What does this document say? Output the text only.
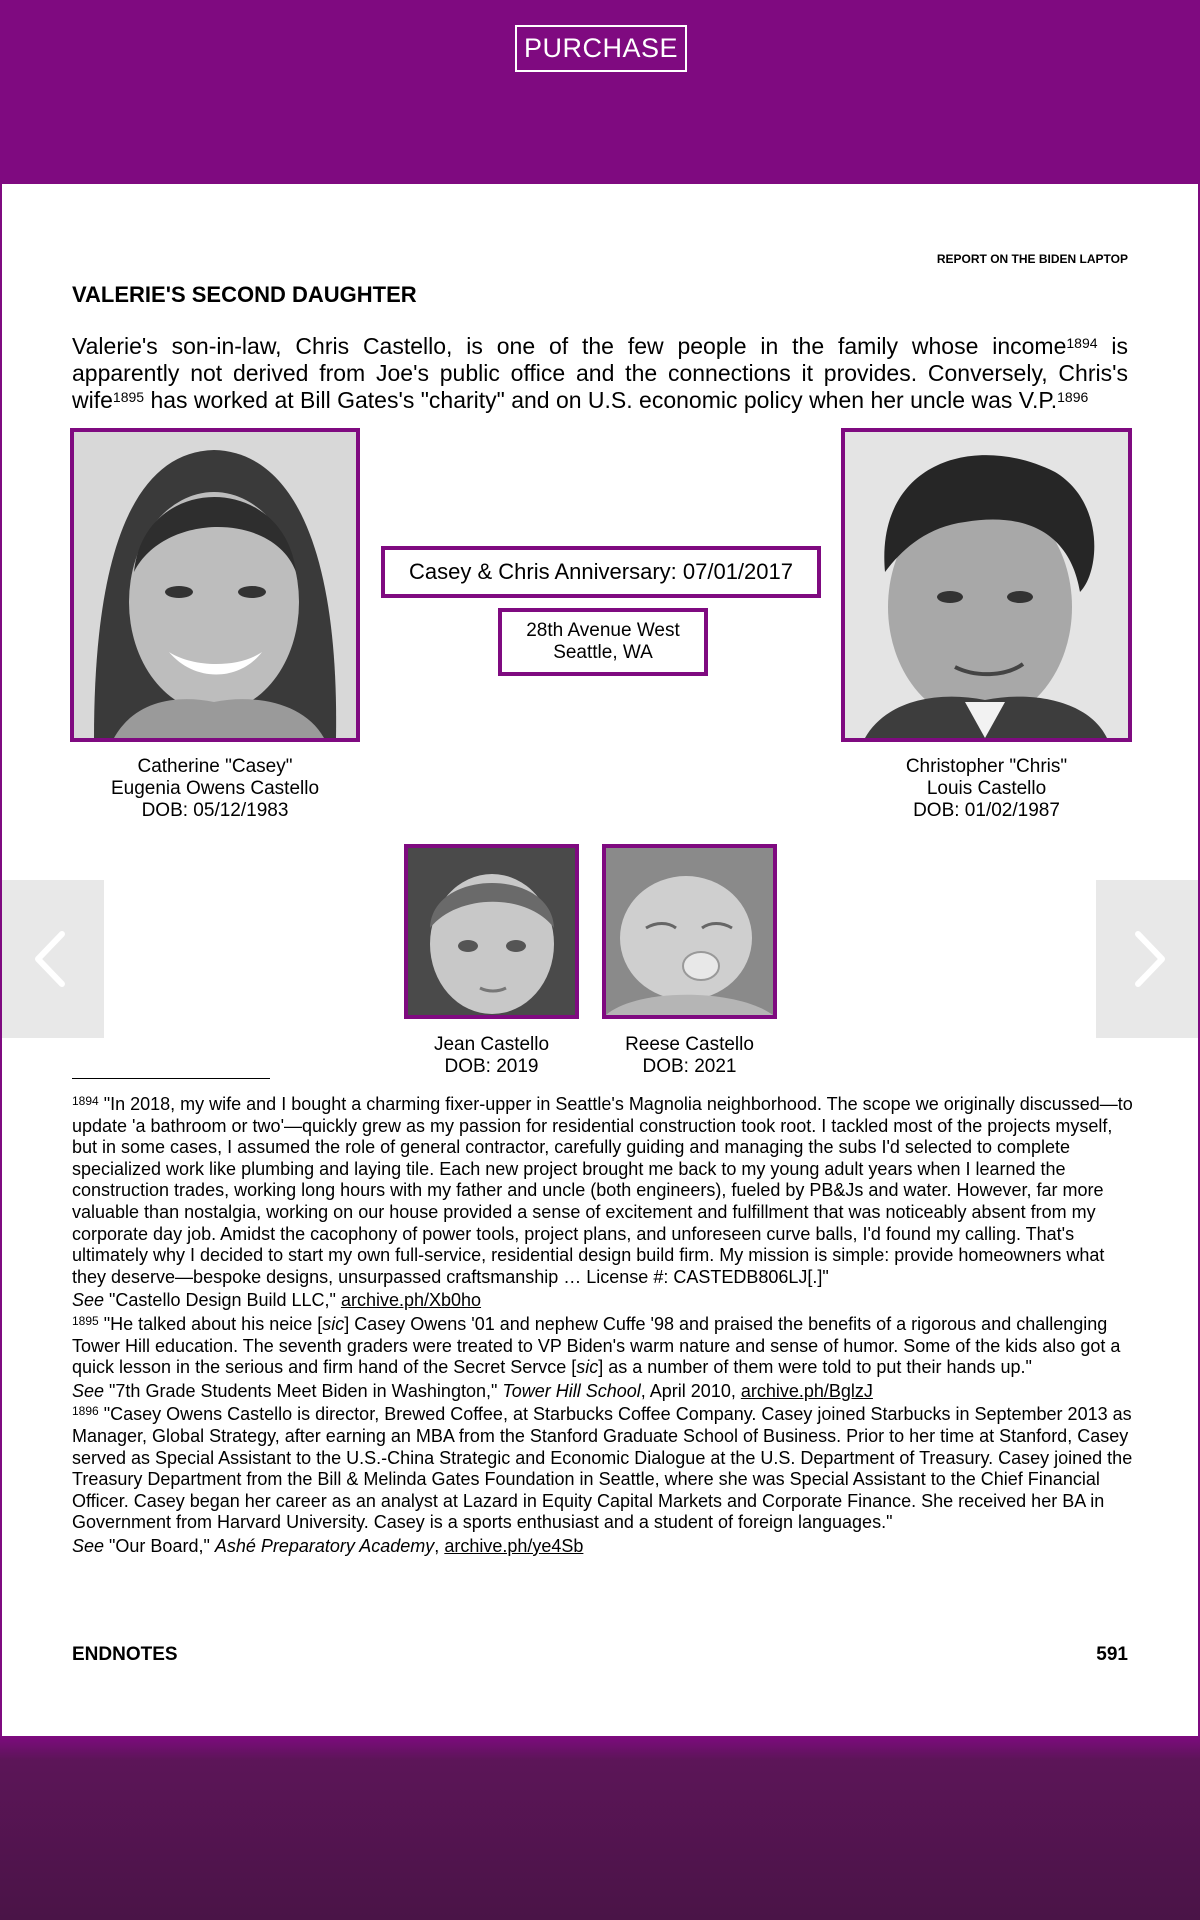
PURCHASE
REPORT ON THE BIDEN LAPTOP
VALERIE'S SECOND DAUGHTER

Valerie's son-in-law, Chris Castello, is one of the few people in the family whose income$^{1894}$ is apparently not derived from Joe's public office and the connections it provides. Conversely, Chris's wife$^{1895}$ has worked at Bill Gates's "charity" and on U.S. economic policy when her uncle was V.P.$^{1896}$

Casey & Chris Anniversary: 07/01/2017
28th Avenue West
Seattle, WA
Catherine "Casey"
Eugenia Owens Castello
DOB: 05/12/1983
Christopher "Chris"
Louis Castello
DOB: 01/02/1987
Jean Castello
DOB: 2019
Reese Castello
DOB: 2021

$^{1894}$ "In 2018, my wife and I bought a charming fixer-upper in Seattle's Magnolia neighborhood. The scope we originally discussed—to update 'a bathroom or two'—quickly grew as my passion for residential construction took root. I tackled most of the projects myself, but in some cases, I assumed the role of general contractor, carefully guiding and managing the subs I'd selected to complete specialized work like plumbing and laying tile. Each new project brought me back to my young adult years when I learned the construction trades, working long hours with my father and uncle (both engineers), fueled by PB&Js and water. However, far more valuable than nostalgia, working on our house provided a sense of excitement and fulfillment that was noticeably absent from my corporate day job. Amidst the cacophony of power tools, project plans, and unforeseen curve balls, I'd found my calling. That's ultimately why I decided to start my own full-service, residential design build firm. My mission is simple: provide homeowners what they deserve—bespoke designs, unsurpassed craftsmanship … License #: CASTEDB806LJ[.]"

See "Castello Design Build LLC," archive.ph/Xb0ho

$^{1895}$ "He talked about his neice [sic] Casey Owens '01 and nephew Cuffe '98 and praised the benefits of a rigorous and challenging Tower Hill education. The seventh graders were treated to VP Biden's warm nature and sense of humor. Some of the kids also got a quick lesson in the serious and firm hand of the Secret Servce [sic] as a number of them were told to put their hands up."

See "7th Grade Students Meet Biden in Washington," Tower Hill School, April 2010, archive.ph/BglzJ

$^{1896}$ "Casey Owens Castello is director, Brewed Coffee, at Starbucks Coffee Company. Casey joined Starbucks in September 2013 as Manager, Global Strategy, after earning an MBA from the Stanford Graduate School of Business. Prior to her time at Stanford, Casey served as Special Assistant to the U.S.-China Strategic and Economic Dialogue at the U.S. Department of Treasury. Casey joined the Treasury Department from the Bill & Melinda Gates Foundation in Seattle, where she was Special Assistant to the Chief Financial Officer. Casey began her career as an analyst at Lazard in Equity Capital Markets and Corporate Finance. She received her BA in Government from Harvard University. Casey is a sports enthusiast and a student of foreign languages."

See "Our Board," Ashé Preparatory Academy, archive.ph/ye4Sb

ENDNOTES	591
